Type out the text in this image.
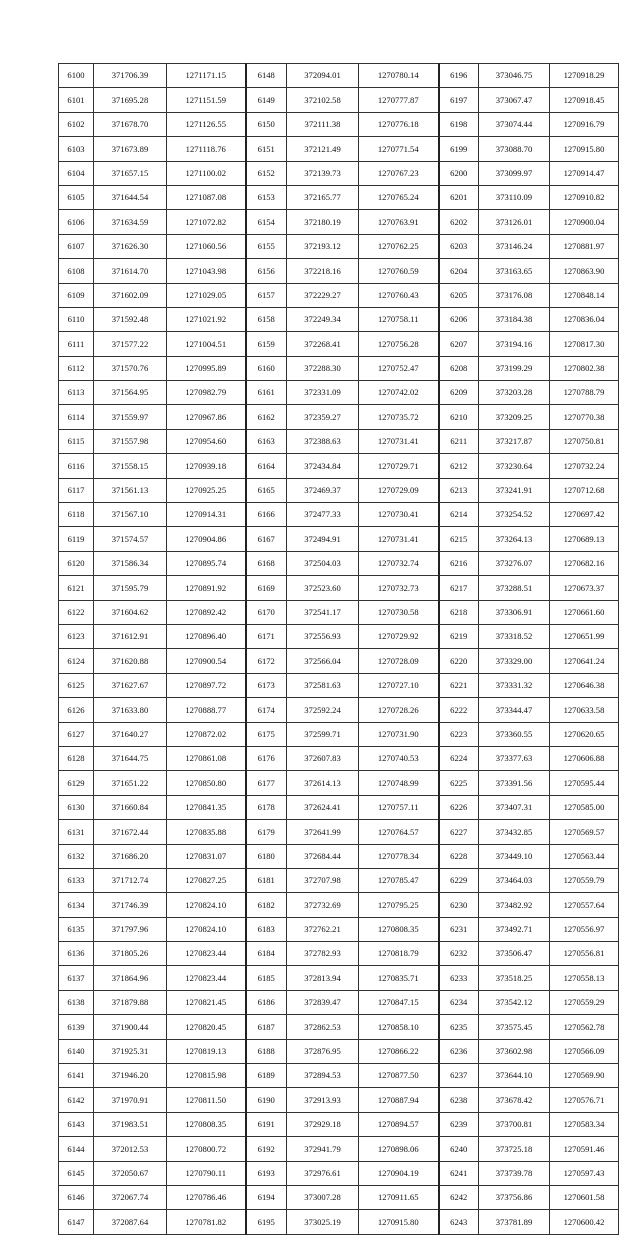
6100	371706.39	1271171.15	6148	372094.01	1270780.14	6196	373046.75	1270918.29
6101	371695.28	1271151.59	6149	372102.58	1270777.87	6197	373067.47	1270918.45
6102	371678.70	1271126.55	6150	372111.38	1270776.18	6198	373074.44	1270916.79
6103	371673.89	1271118.76	6151	372121.49	1270771.54	6199	373088.70	1270915.80
6104	371657.15	1271100.02	6152	372139.73	1270767.23	6200	373099.97	1270914.47
6105	371644.54	1271087.08	6153	372165.77	1270765.24	6201	373110.09	1270910.82
6106	371634.59	1271072.82	6154	372180.19	1270763.91	6202	373126.01	1270900.04
6107	371626.30	1271060.56	6155	372193.12	1270762.25	6203	373146.24	1270881.97
6108	371614.70	1271043.98	6156	372218.16	1270760.59	6204	373163.65	1270863.90
6109	371602.09	1271029.05	6157	372229.27	1270760.43	6205	373176.08	1270848.14
6110	371592.48	1271021.92	6158	372249.34	1270758.11	6206	373184.38	1270836.04
6111	371577.22	1271004.51	6159	372268.41	1270756.28	6207	373194.16	1270817.30
6112	371570.76	1270995.89	6160	372288.30	1270752.47	6208	373199.29	1270802.38
6113	371564.95	1270982.79	6161	372331.09	1270742.02	6209	373203.28	1270788.79
6114	371559.97	1270967.86	6162	372359.27	1270735.72	6210	373209.25	1270770.38
6115	371557.98	1270954.60	6163	372388.63	1270731.41	6211	373217.87	1270750.81
6116	371558.15	1270939.18	6164	372434.84	1270729.71	6212	373230.64	1270732.24
6117	371561.13	1270925.25	6165	372469.37	1270729.09	6213	373241.91	1270712.68
6118	371567.10	1270914.31	6166	372477.33	1270730.41	6214	373254.52	1270697.42
6119	371574.57	1270904.86	6167	372494.91	1270731.41	6215	373264.13	1270689.13
6120	371586.34	1270895.74	6168	372504.03	1270732.74	6216	373276.07	1270682.16
6121	371595.79	1270891.92	6169	372523.60	1270732.73	6217	373288.51	1270673.37
6122	371604.62	1270892.42	6170	372541.17	1270730.58	6218	373306.91	1270661.60
6123	371612.91	1270896.40	6171	372556.93	1270729.92	6219	373318.52	1270651.99
6124	371620.88	1270900.54	6172	372566.04	1270728.09	6220	373329.00	1270641.24
6125	371627.67	1270897.72	6173	372581.63	1270727.10	6221	373331.32	1270646.38
6126	371633.80	1270888.77	6174	372592.24	1270728.26	6222	373344.47	1270633.58
6127	371640.27	1270872.02	6175	372599.71	1270731.90	6223	373360.55	1270620.65
6128	371644.75	1270861.08	6176	372607.83	1270740.53	6224	373377.63	1270606.88
6129	371651.22	1270850.80	6177	372614.13	1270748.99	6225	373391.56	1270595.44
6130	371660.84	1270841.35	6178	372624.41	1270757.11	6226	373407.31	1270585.00
6131	371672.44	1270835.88	6179	372641.99	1270764.57	6227	373432.85	1270569.57
6132	371686.20	1270831.07	6180	372684.44	1270778.34	6228	373449.10	1270563.44
6133	371712.74	1270827.25	6181	372707.98	1270785.47	6229	373464.03	1270559.79
6134	371746.39	1270824.10	6182	372732.69	1270795.25	6230	373482.92	1270557.64
6135	371797.96	1270824.10	6183	372762.21	1270808.35	6231	373492.71	1270556.97
6136	371805.26	1270823.44	6184	372782.93	1270818.79	6232	373506.47	1270556.81
6137	371864.96	1270823.44	6185	372813.94	1270835.71	6233	373518.25	1270558.13
6138	371879.88	1270821.45	6186	372839.47	1270847.15	6234	373542.12	1270559.29
6139	371900.44	1270820.45	6187	372862.53	1270858.10	6235	373575.45	1270562.78
6140	371925.31	1270819.13	6188	372876.95	1270866.22	6236	373602.98	1270566.09
6141	371946.20	1270815.98	6189	372894.53	1270877.50	6237	373644.10	1270569.90
6142	371970.91	1270811.50	6190	372913.93	1270887.94	6238	373678.42	1270576.71
6143	371983.51	1270808.35	6191	372929.18	1270894.57	6239	373700.81	1270583.34
6144	372012.53	1270800.72	6192	372941.79	1270898.06	6240	373725.18	1270591.46
6145	372050.67	1270790.11	6193	372976.61	1270904.19	6241	373739.78	1270597.43
6146	372067.74	1270786.46	6194	373007.28	1270911.65	6242	373756.86	1270601.58
6147	372087.64	1270781.82	6195	373025.19	1270915.80	6243	373781.89	1270600.42
